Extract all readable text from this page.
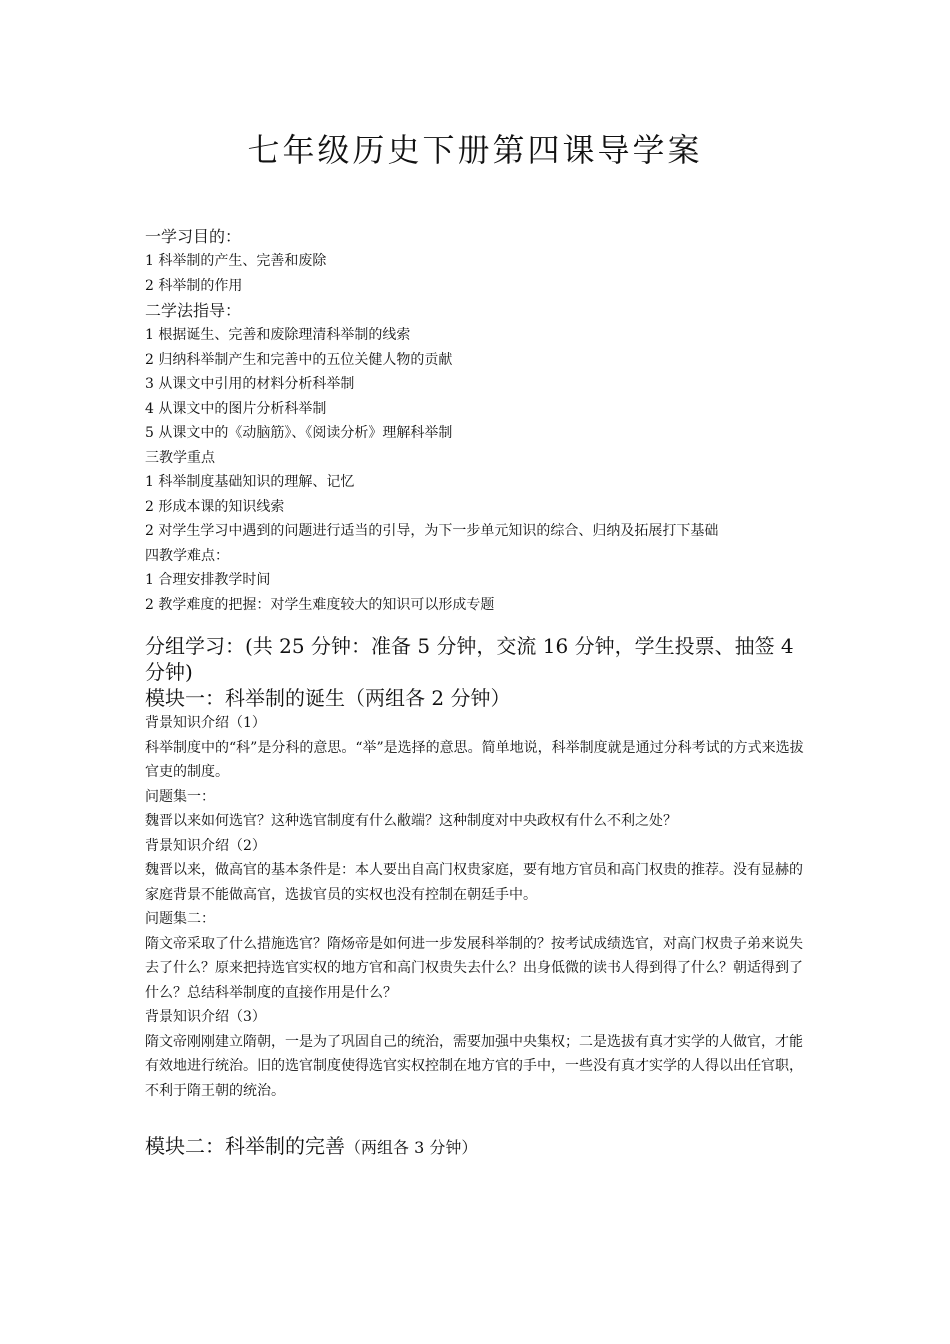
七年级历史下册第四课导学案
一学习目的：
1 科举制的产生、完善和废除
2 科举制的作用
二学法指导：
1 根据诞生、完善和废除理清科举制的线索
2 归纳科举制产生和完善中的五位关健人物的贡献
3 从课文中引用的材料分析科举制
4 从课文中的图片分析科举制
5 从课文中的《动脑筋》、《阅读分析》理解科举制
三教学重点
1 科举制度基础知识的理解、记忆
2 形成本课的知识线索
2 对学生学习中遇到的问题进行适当的引导，为下一步单元知识的综合、归纳及拓展打下基础
四教学难点：
1 合理安排教学时间
2 教学难度的把握：对学生难度较大的知识可以形成专题
分组学习：(共 25 分钟：准备 5 分钟，交流 16 分钟，学生投票、抽签 4 分钟)
模块一：科举制的诞生（两组各 2 分钟）
背景知识介绍（1）
科举制度中的“科”是分科的意思。“举”是选择的意思。简单地说，科举制度就是通过分科考试的方式来选拔官吏的制度。
问题集一：
魏晋以来如何选官？这种选官制度有什么敝端？这种制度对中央政权有什么不利之处？
背景知识介绍（2）
魏晋以来，做高官的基本条件是：本人要出自高门权贵家庭，要有地方官员和高门权贵的推荐。没有显赫的家庭背景不能做高官，选拔官员的实权也没有控制在朝廷手中。
问题集二：
隋文帝采取了什么措施选官？隋炀帝是如何进一步发展科举制的？按考试成绩选官，对高门权贵子弟来说失去了什么？原来把持选官实权的地方官和高门权贵失去什么？出身低微的读书人得到得了什么？朝适得到了什么？总结科举制度的直接作用是什么？
背景知识介绍（3）
隋文帝刚刚建立隋朝，一是为了巩固自己的统治，需要加强中央集权；二是选拔有真才实学的人做官，才能有效地进行统治。旧的选官制度使得选官实权控制在地方官的手中，一些没有真才实学的人得以出任官职，不利于隋王朝的统治。
模块二：科举制的完善（两组各 3 分钟）
